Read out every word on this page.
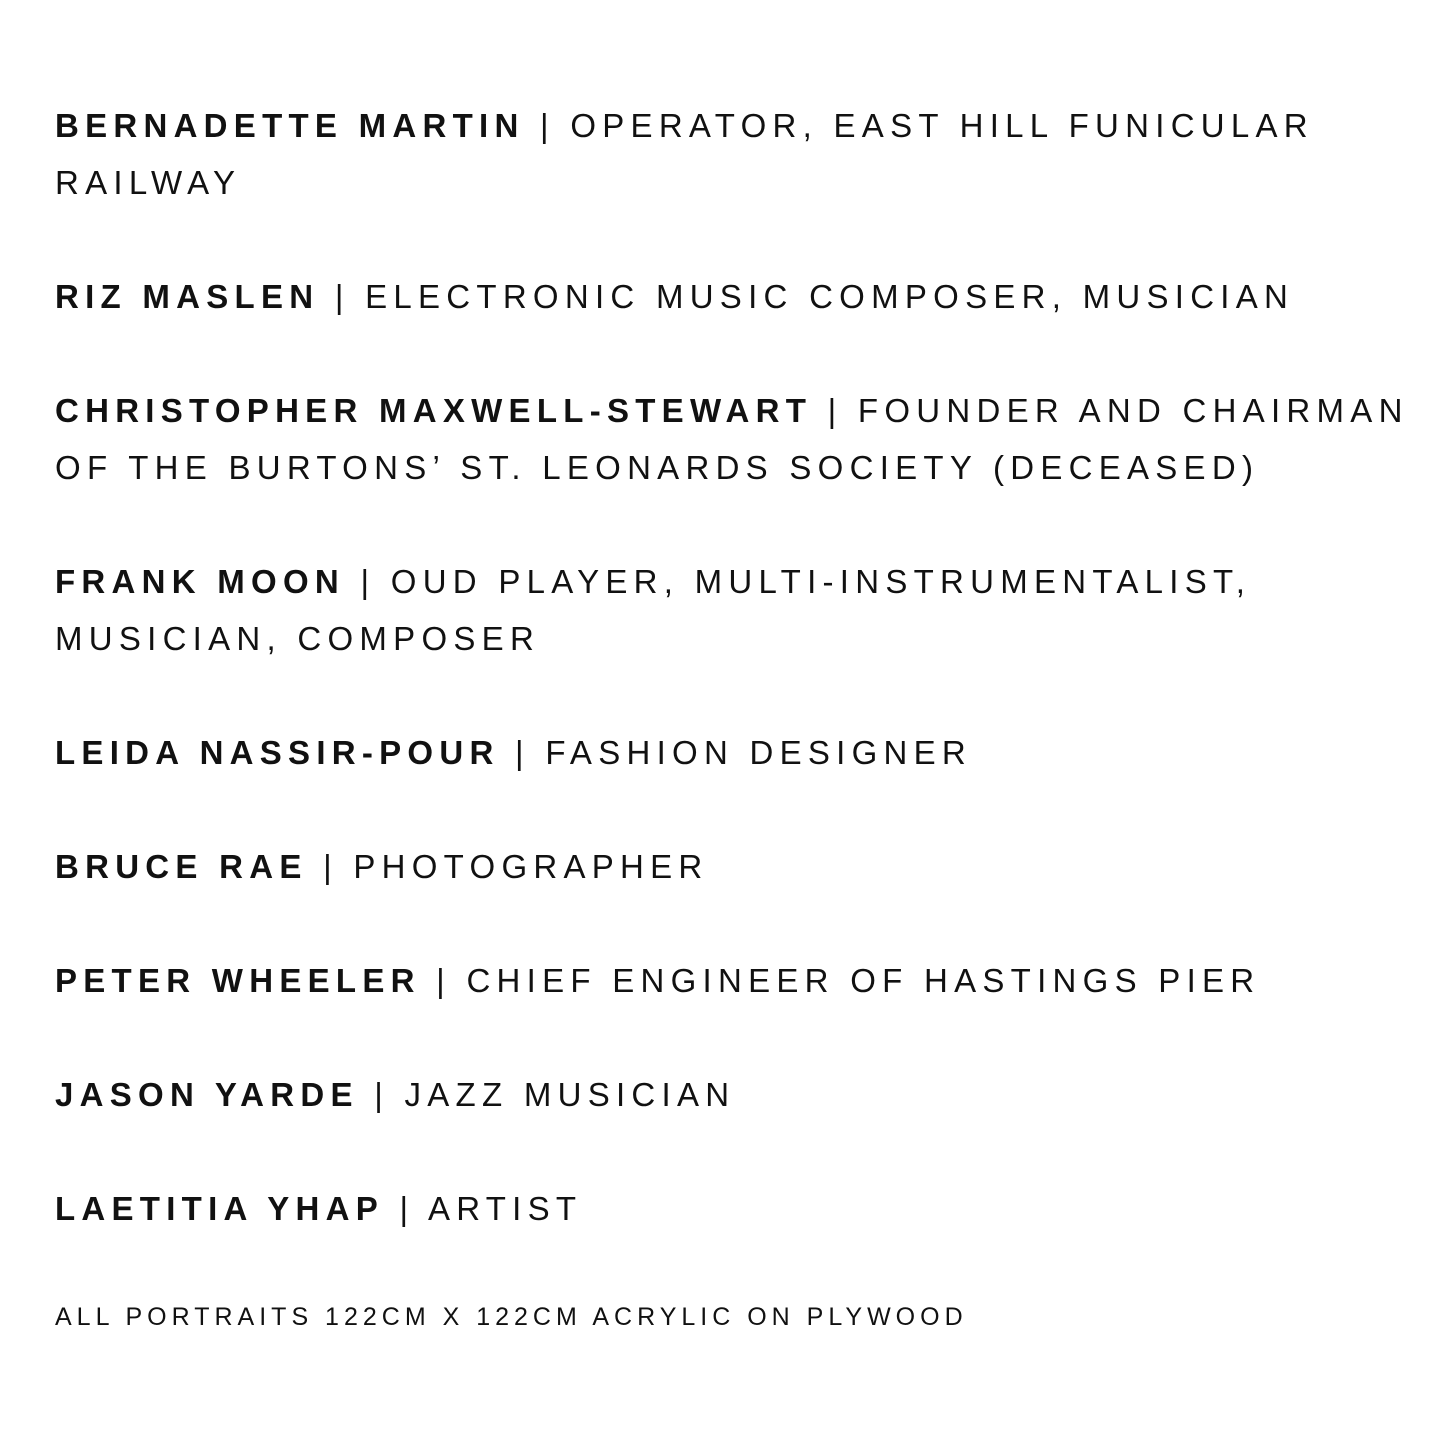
BERNADETTE MARTIN | OPERATOR, EAST HILL FUNICULAR RAILWAY
RIZ MASLEN | ELECTRONIC MUSIC COMPOSER, MUSICIAN
CHRISTOPHER MAXWELL-STEWART | FOUNDER AND CHAIRMAN OF THE BURTONS’ ST. LEONARDS SOCIETY (DECEASED)
FRANK MOON | OUD PLAYER, MULTI-INSTRUMENTALIST, MUSICIAN, COMPOSER
LEIDA NASSIR-POUR | FASHION DESIGNER
BRUCE RAE | PHOTOGRAPHER
PETER WHEELER | CHIEF ENGINEER OF HASTINGS PIER
JASON YARDE | JAZZ MUSICIAN
LAETITIA YHAP | ARTIST
ALL PORTRAITS 122CM X 122CM ACRYLIC ON PLYWOOD
